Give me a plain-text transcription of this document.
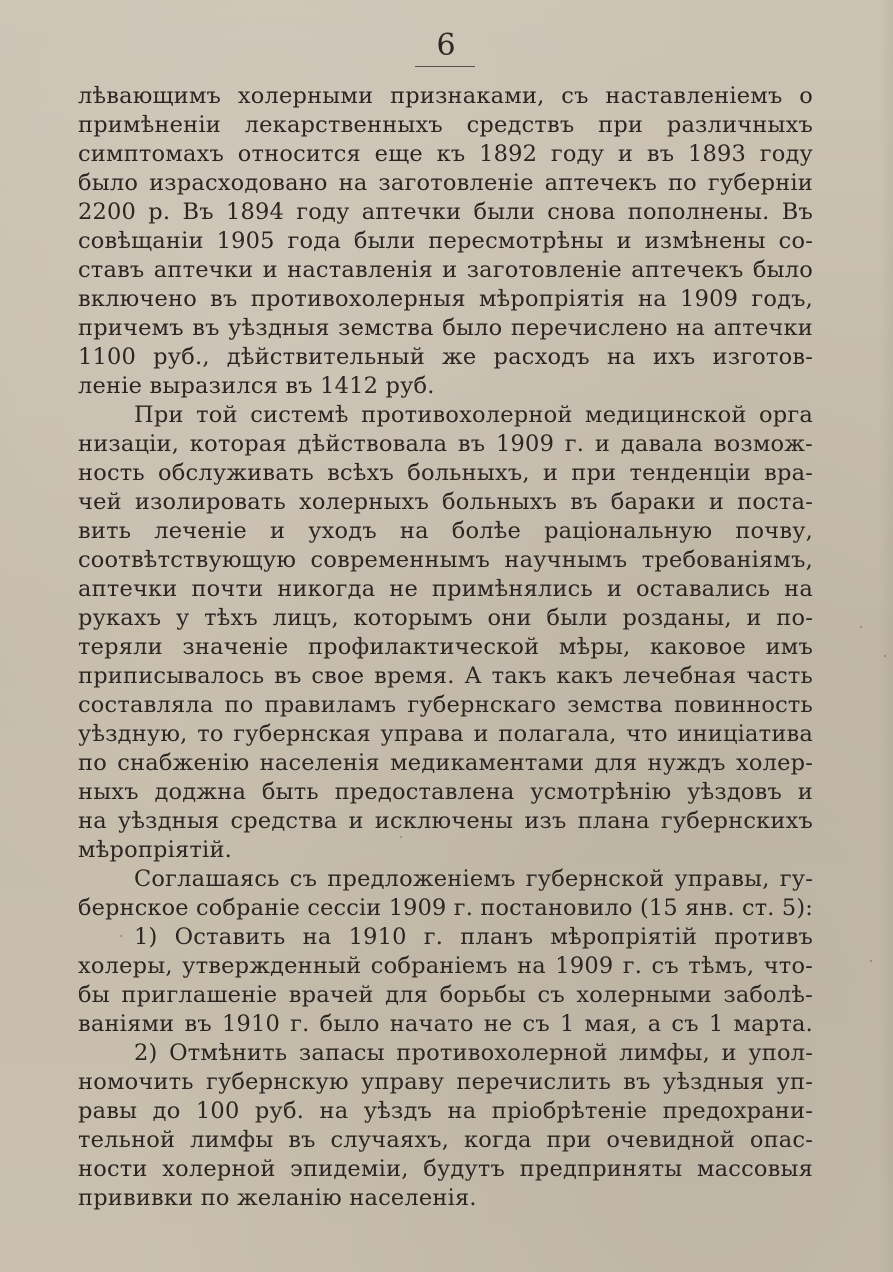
6
лѣвающимъ холерными признаками, съ наставленіемъ о
примѣненіи лекарственныхъ средствъ при различныхъ
симптомахъ относится еще къ 1892 году и въ 1893 году
было израсходовано на заготовленіе аптечекъ по губерніи
2200 р. Въ 1894 году аптечки были снова пополнены. Въ
совѣщаніи 1905 года были пересмотрѣны и измѣнены со-
ставъ аптечки и наставленія и заготовленіе аптечекъ было
включено въ противохолерныя мѣропріятія на 1909 годъ,
причемъ въ уѣздныя земства было перечислено на аптечки
1100 руб., дѣйствительный же расходъ на ихъ изготов-
леніе выразился въ 1412 руб.
При той системѣ противохолерной медицинской орга
низаціи, которая дѣйствовала въ 1909 г. и давала возмож-
ность обслуживать всѣхъ больныхъ, и при тенденціи вра-
чей изолировать холерныхъ больныхъ въ бараки и поста-
вить леченіе и уходъ на болѣе раціональную почву,
соотвѣтствующую современнымъ научнымъ требованіямъ,
аптечки почти никогда не примѣнялись и оставались на
рукахъ у тѣхъ лицъ, которымъ они были розданы, и по-
теряли значеніе профилактической мѣры, каковое имъ
приписывалось въ свое время. А такъ какъ лечебная часть
составляла по правиламъ губернскаго земства повинность
уѣздную, то губернская управа и полагала, что иниціатива
по снабженію населенія медикаментами для нуждъ холер-
ныхъ доджна быть предоставлена усмотрѣнію уѣздовъ и
на уѣздныя средства и исключены изъ плана губернскихъ
мѣропріятій.
Соглашаясь съ предложеніемъ губернской управы, гу-
бернское собраніе сессіи 1909 г. постановило (15 янв. ст. 5):
1) Оставить на 1910 г. планъ мѣропріятій противъ
холеры, утвержденный собраніемъ на 1909 г. съ тѣмъ, что-
бы приглашеніе врачей для борьбы съ холерными заболѣ-
ваніями въ 1910 г. было начато не съ 1 мая, а съ 1 марта.
2) Отмѣнить запасы противохолерной лимфы, и упол-
номочить губернскую управу перечислить въ уѣздныя уп-
равы до 100 руб. на уѣздъ на пріобрѣтеніе предохрани-
тельной лимфы въ случаяхъ, когда при очевидной опас-
ности холерной эпидеміи, будутъ предприняты массовыя
прививки по желанію населенія.
